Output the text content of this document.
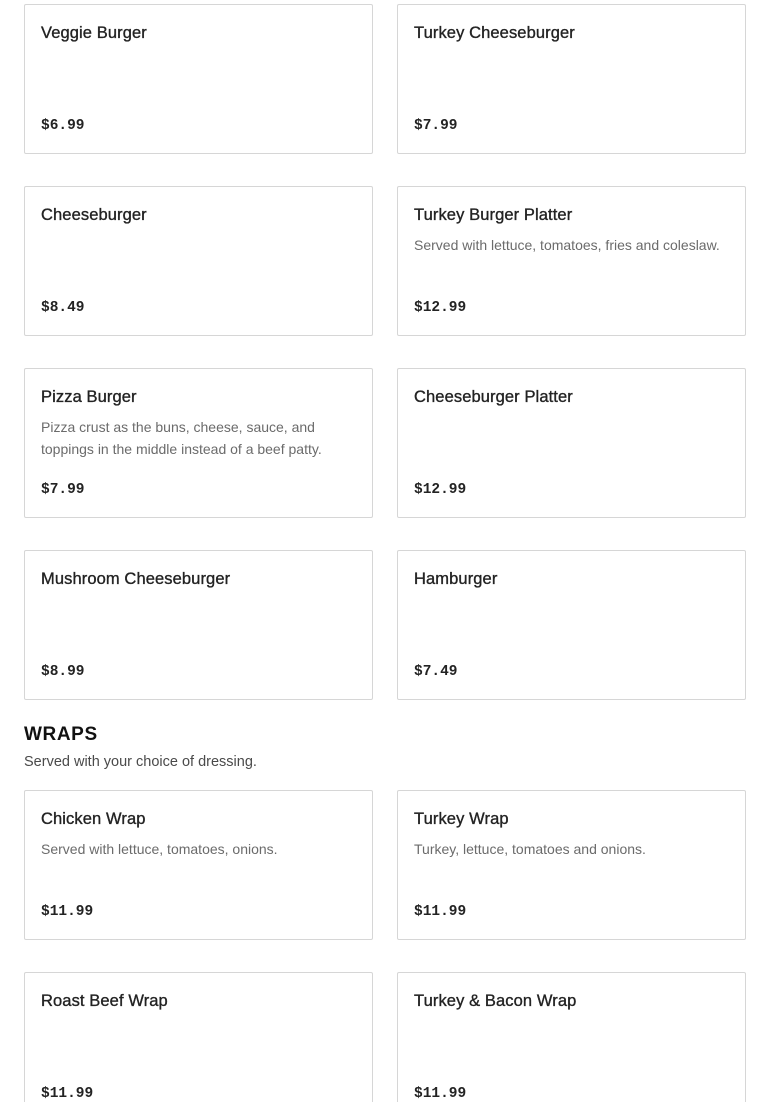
Veggie Burger
$6.99
Turkey Cheeseburger
$7.99
Cheeseburger
$8.49
Turkey Burger Platter
Served with lettuce, tomatoes, fries and coleslaw.
$12.99
Pizza Burger
Pizza crust as the buns, cheese, sauce, and toppings in the middle instead of a beef patty.
$7.99
Cheeseburger Platter
$12.99
Mushroom Cheeseburger
$8.99
Hamburger
$7.49
WRAPS
Served with your choice of dressing.
Chicken Wrap
Served with lettuce, tomatoes, onions.
$11.99
Turkey Wrap
Turkey, lettuce, tomatoes and onions.
$11.99
Roast Beef Wrap
$11.99
Turkey & Bacon Wrap
$11.99
